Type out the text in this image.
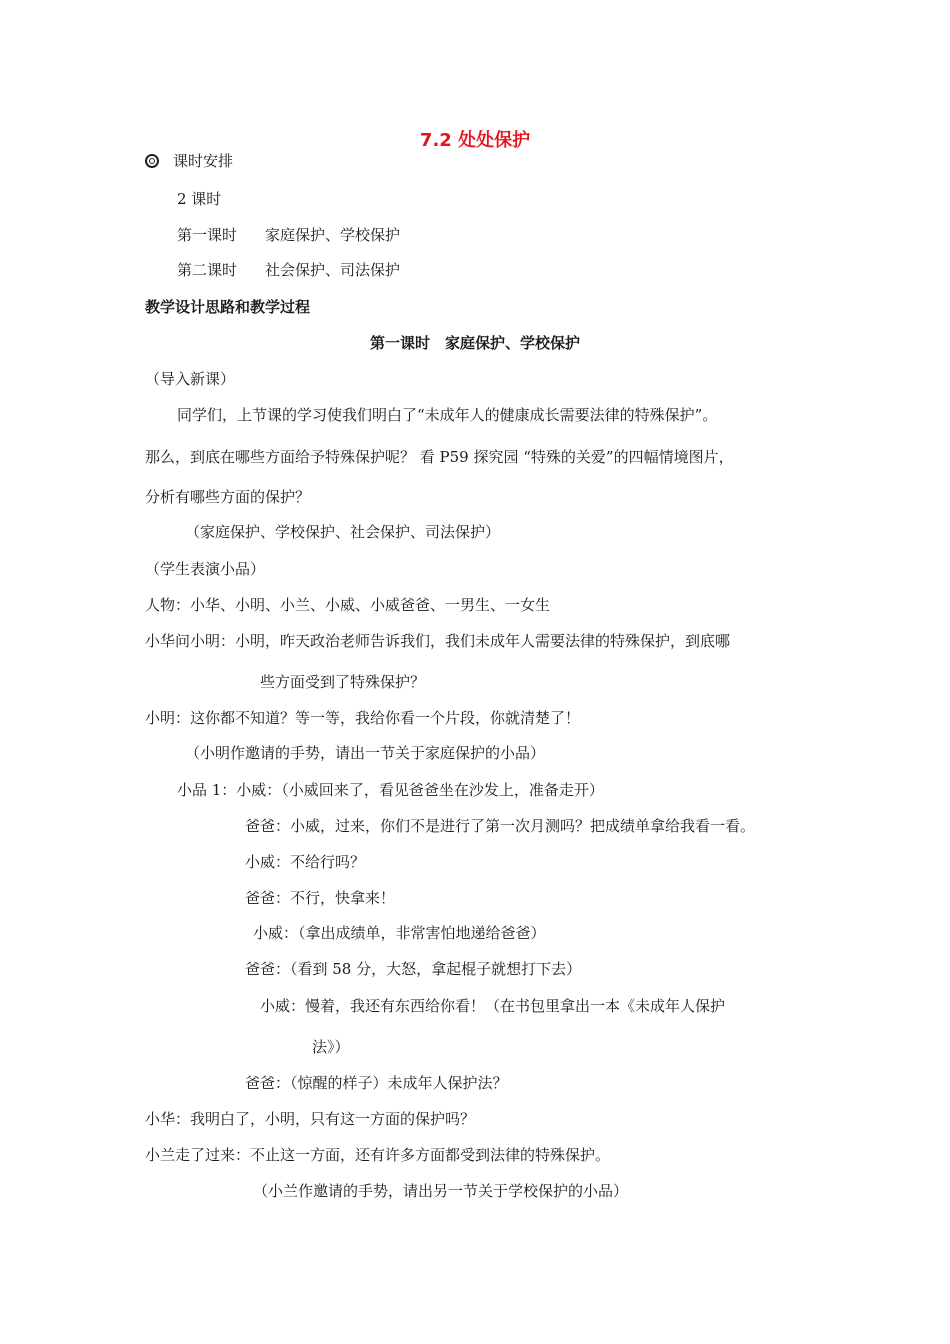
7.2 处处保护
课时安排
2 课时
第一课时 家庭保护、学校保护
第二课时 社会保护、司法保护
教学设计思路和教学过程
第一课时　家庭保护、学校保护
（导入新课）
同学们，上节课的学习使我们明白了“未成年人的健康成长需要法律的特殊保护”。
那么，到底在哪些方面给予特殊保护呢？ 看 P59 探究园 “特殊的关爱”的四幅情境图片，
分析有哪些方面的保护？
（家庭保护、学校保护、社会保护、司法保护）
（学生表演小品）
人物：小华、小明、小兰、小威、小威爸爸、一男生、一女生
小华问小明：小明，昨天政治老师告诉我们，我们未成年人需要法律的特殊保护，到底哪
些方面受到了特殊保护？
小明：这你都不知道？等一等，我给你看一个片段，你就清楚了！
（小明作邀请的手势，请出一节关于家庭保护的小品）
小品 1：小威：（小威回来了，看见爸爸坐在沙发上，准备走开）
爸爸：小威，过来，你们不是进行了第一次月测吗？把成绩单拿给我看一看。
小威：不给行吗？
爸爸：不行，快拿来！
小威：（拿出成绩单，非常害怕地递给爸爸）
爸爸：（看到 58 分，大怒，拿起棍子就想打下去）
小威：慢着，我还有东西给你看！（在书包里拿出一本《未成年人保护
法》）
爸爸：（惊醒的样子）未成年人保护法？
小华：我明白了，小明，只有这一方面的保护吗？
小兰走了过来：不止这一方面，还有许多方面都受到法律的特殊保护。
（小兰作邀请的手势，请出另一节关于学校保护的小品）
